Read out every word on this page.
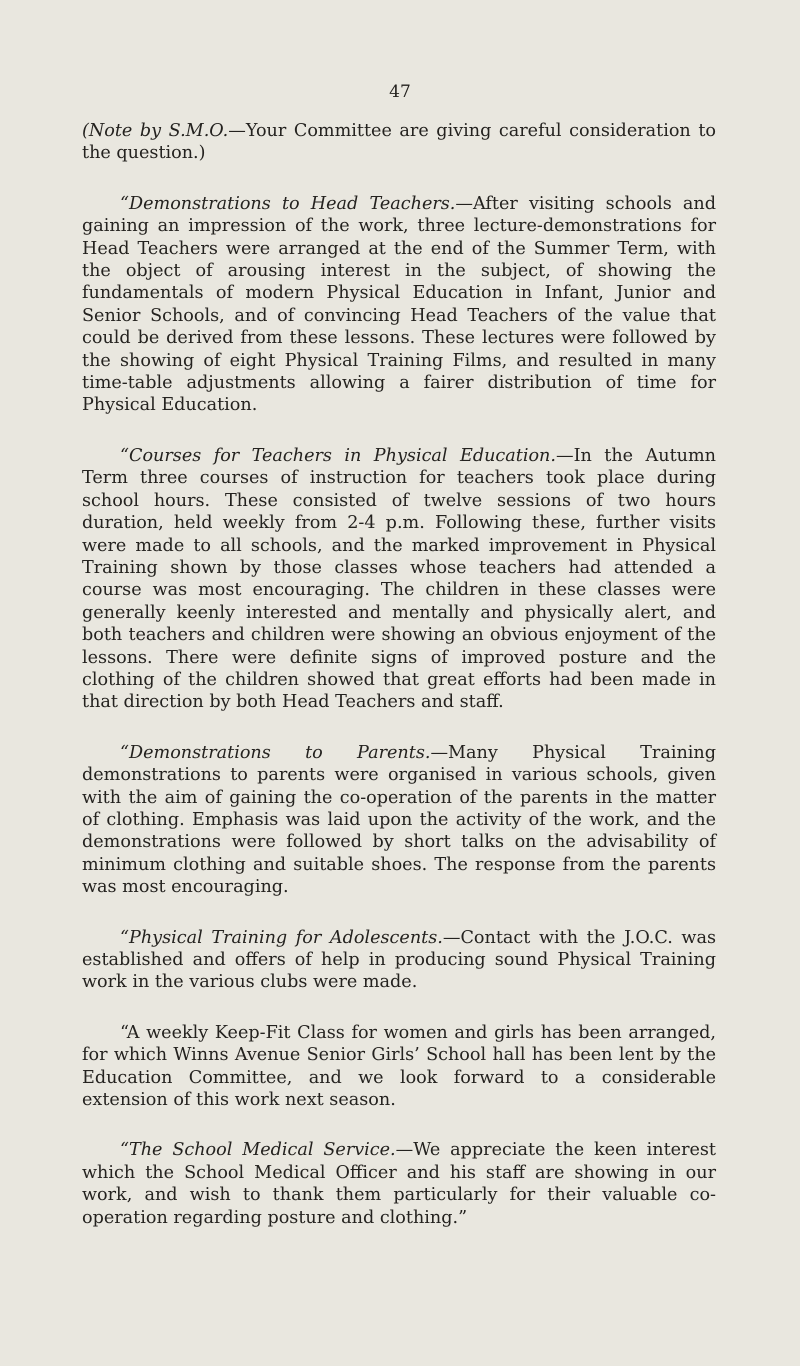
47

(Note by S.M.O.—Your Committee are giving careful consideration to the question.)

“Demonstrations to Head Teachers.—After visiting schools and gaining an impression of the work, three lecture-demonstrations for Head Teachers were arranged at the end of the Summer Term, with the object of arousing interest in the subject, of showing the fundamentals of modern Physical Education in Infant, Junior and Senior Schools, and of convincing Head Teachers of the value that could be derived from these lessons. These lectures were followed by the showing of eight Physical Training Films, and resulted in many time-table adjustments allowing a fairer distribution of time for Physical Education.

“Courses for Teachers in Physical Education.—In the Autumn Term three courses of instruction for teachers took place during school hours. These consisted of twelve sessions of two hours duration, held weekly from 2-4 p.m. Following these, further visits were made to all schools, and the marked improvement in Physical Training shown by those classes whose teachers had attended a course was most encouraging. The children in these classes were generally keenly interested and mentally and physically alert, and both teachers and children were showing an obvious enjoyment of the lessons. There were definite signs of improved posture and the clothing of the children showed that great efforts had been made in that direction by both Head Teachers and staff.

“Demonstrations to Parents.—Many Physical Training demonstrations to parents were organised in various schools, given with the aim of gaining the co-operation of the parents in the matter of clothing. Emphasis was laid upon the activity of the work, and the demonstrations were followed by short talks on the advisability of minimum clothing and suitable shoes. The response from the parents was most encouraging.

“Physical Training for Adolescents.—Contact with the J.O.C. was established and offers of help in producing sound Physical Training work in the various clubs were made.

“A weekly Keep-Fit Class for women and girls has been arranged, for which Winns Avenue Senior Girls’ School hall has been lent by the Education Committee, and we look forward to a considerable extension of this work next season.

“The School Medical Service.—We appreciate the keen interest which the School Medical Officer and his staff are showing in our work, and wish to thank them particularly for their valuable co-operation regarding posture and clothing.”
